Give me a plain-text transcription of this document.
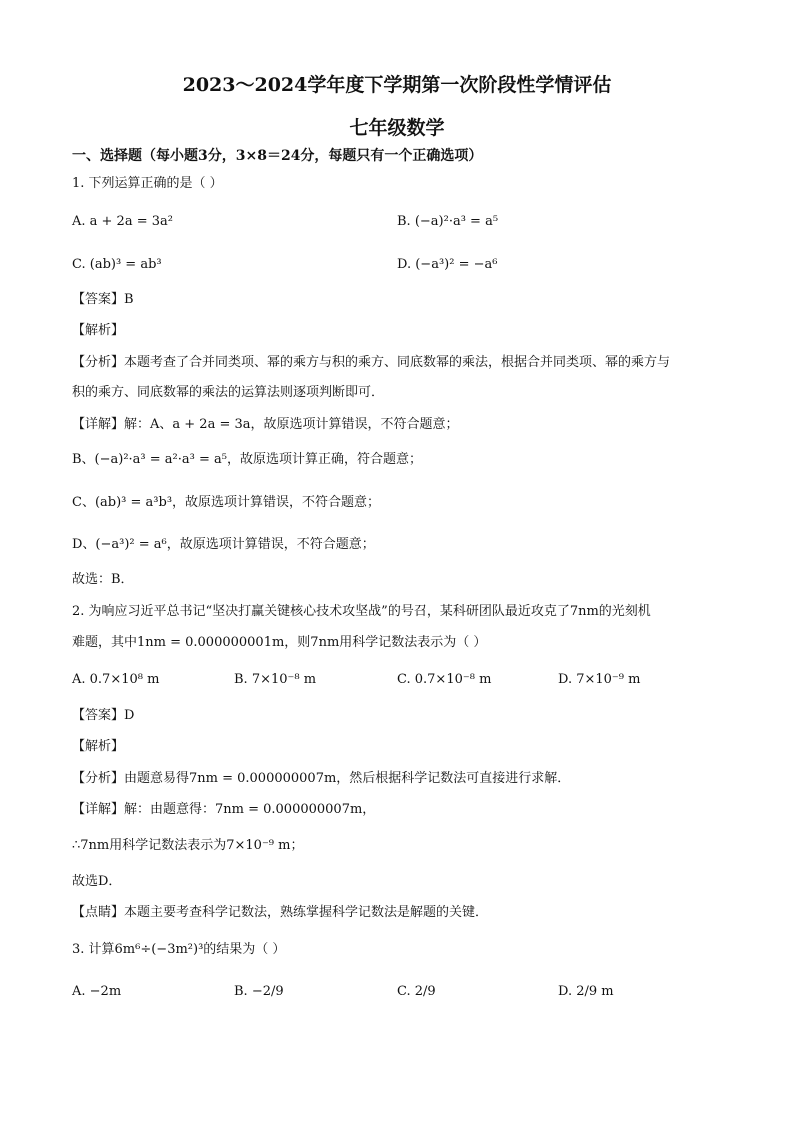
2023～2024学年度下学期第一次阶段性学情评估
七年级数学
一、选择题（每小题3分，3×8＝24分，每题只有一个正确选项）
1. 下列运算正确的是（ ）
A. a + 2a = 3a²	B. (−a)²·a³ = a⁵
C. (ab)³ = ab³	D. (−a³)² = −a⁶
【答案】B
【解析】
【分析】本题考查了合并同类项、幂的乘方与积的乘方、同底数幂的乘法，根据合并同类项、幂的乘方与
积的乘方、同底数幂的乘法的运算法则逐项判断即可．
【详解】解：A、a + 2a = 3a，故原选项计算错误，不符合题意；
B、(−a)²·a³ = a²·a³ = a⁵，故原选项计算正确，符合题意；
C、(ab)³ = a³b³，故原选项计算错误，不符合题意；
D、(−a³)² = a⁶，故原选项计算错误，不符合题意；
故选：B．
2. 为响应习近平总书记“坚决打赢关键核心技术攻坚战”的号召，某科研团队最近攻克了7nm的光刻机
难题，其中1nm = 0.000000001m，则7nm用科学记数法表示为（ ）
A. 0.7×10⁸ m	B. 7×10⁻⁸ m	C. 0.7×10⁻⁸ m	D. 7×10⁻⁹ m
【答案】D
【解析】
【分析】由题意易得7nm = 0.000000007m，然后根据科学记数法可直接进行求解．
【详解】解：由题意得：7nm = 0.000000007m，
∴7nm用科学记数法表示为7×10⁻⁹ m；
故选D．
【点睛】本题主要考查科学记数法，熟练掌握科学记数法是解题的关键．
3. 计算6m⁶÷(−3m²)³的结果为（ ）
A. −2m	B. −2/9	C. 2/9	D. 2/9 m
